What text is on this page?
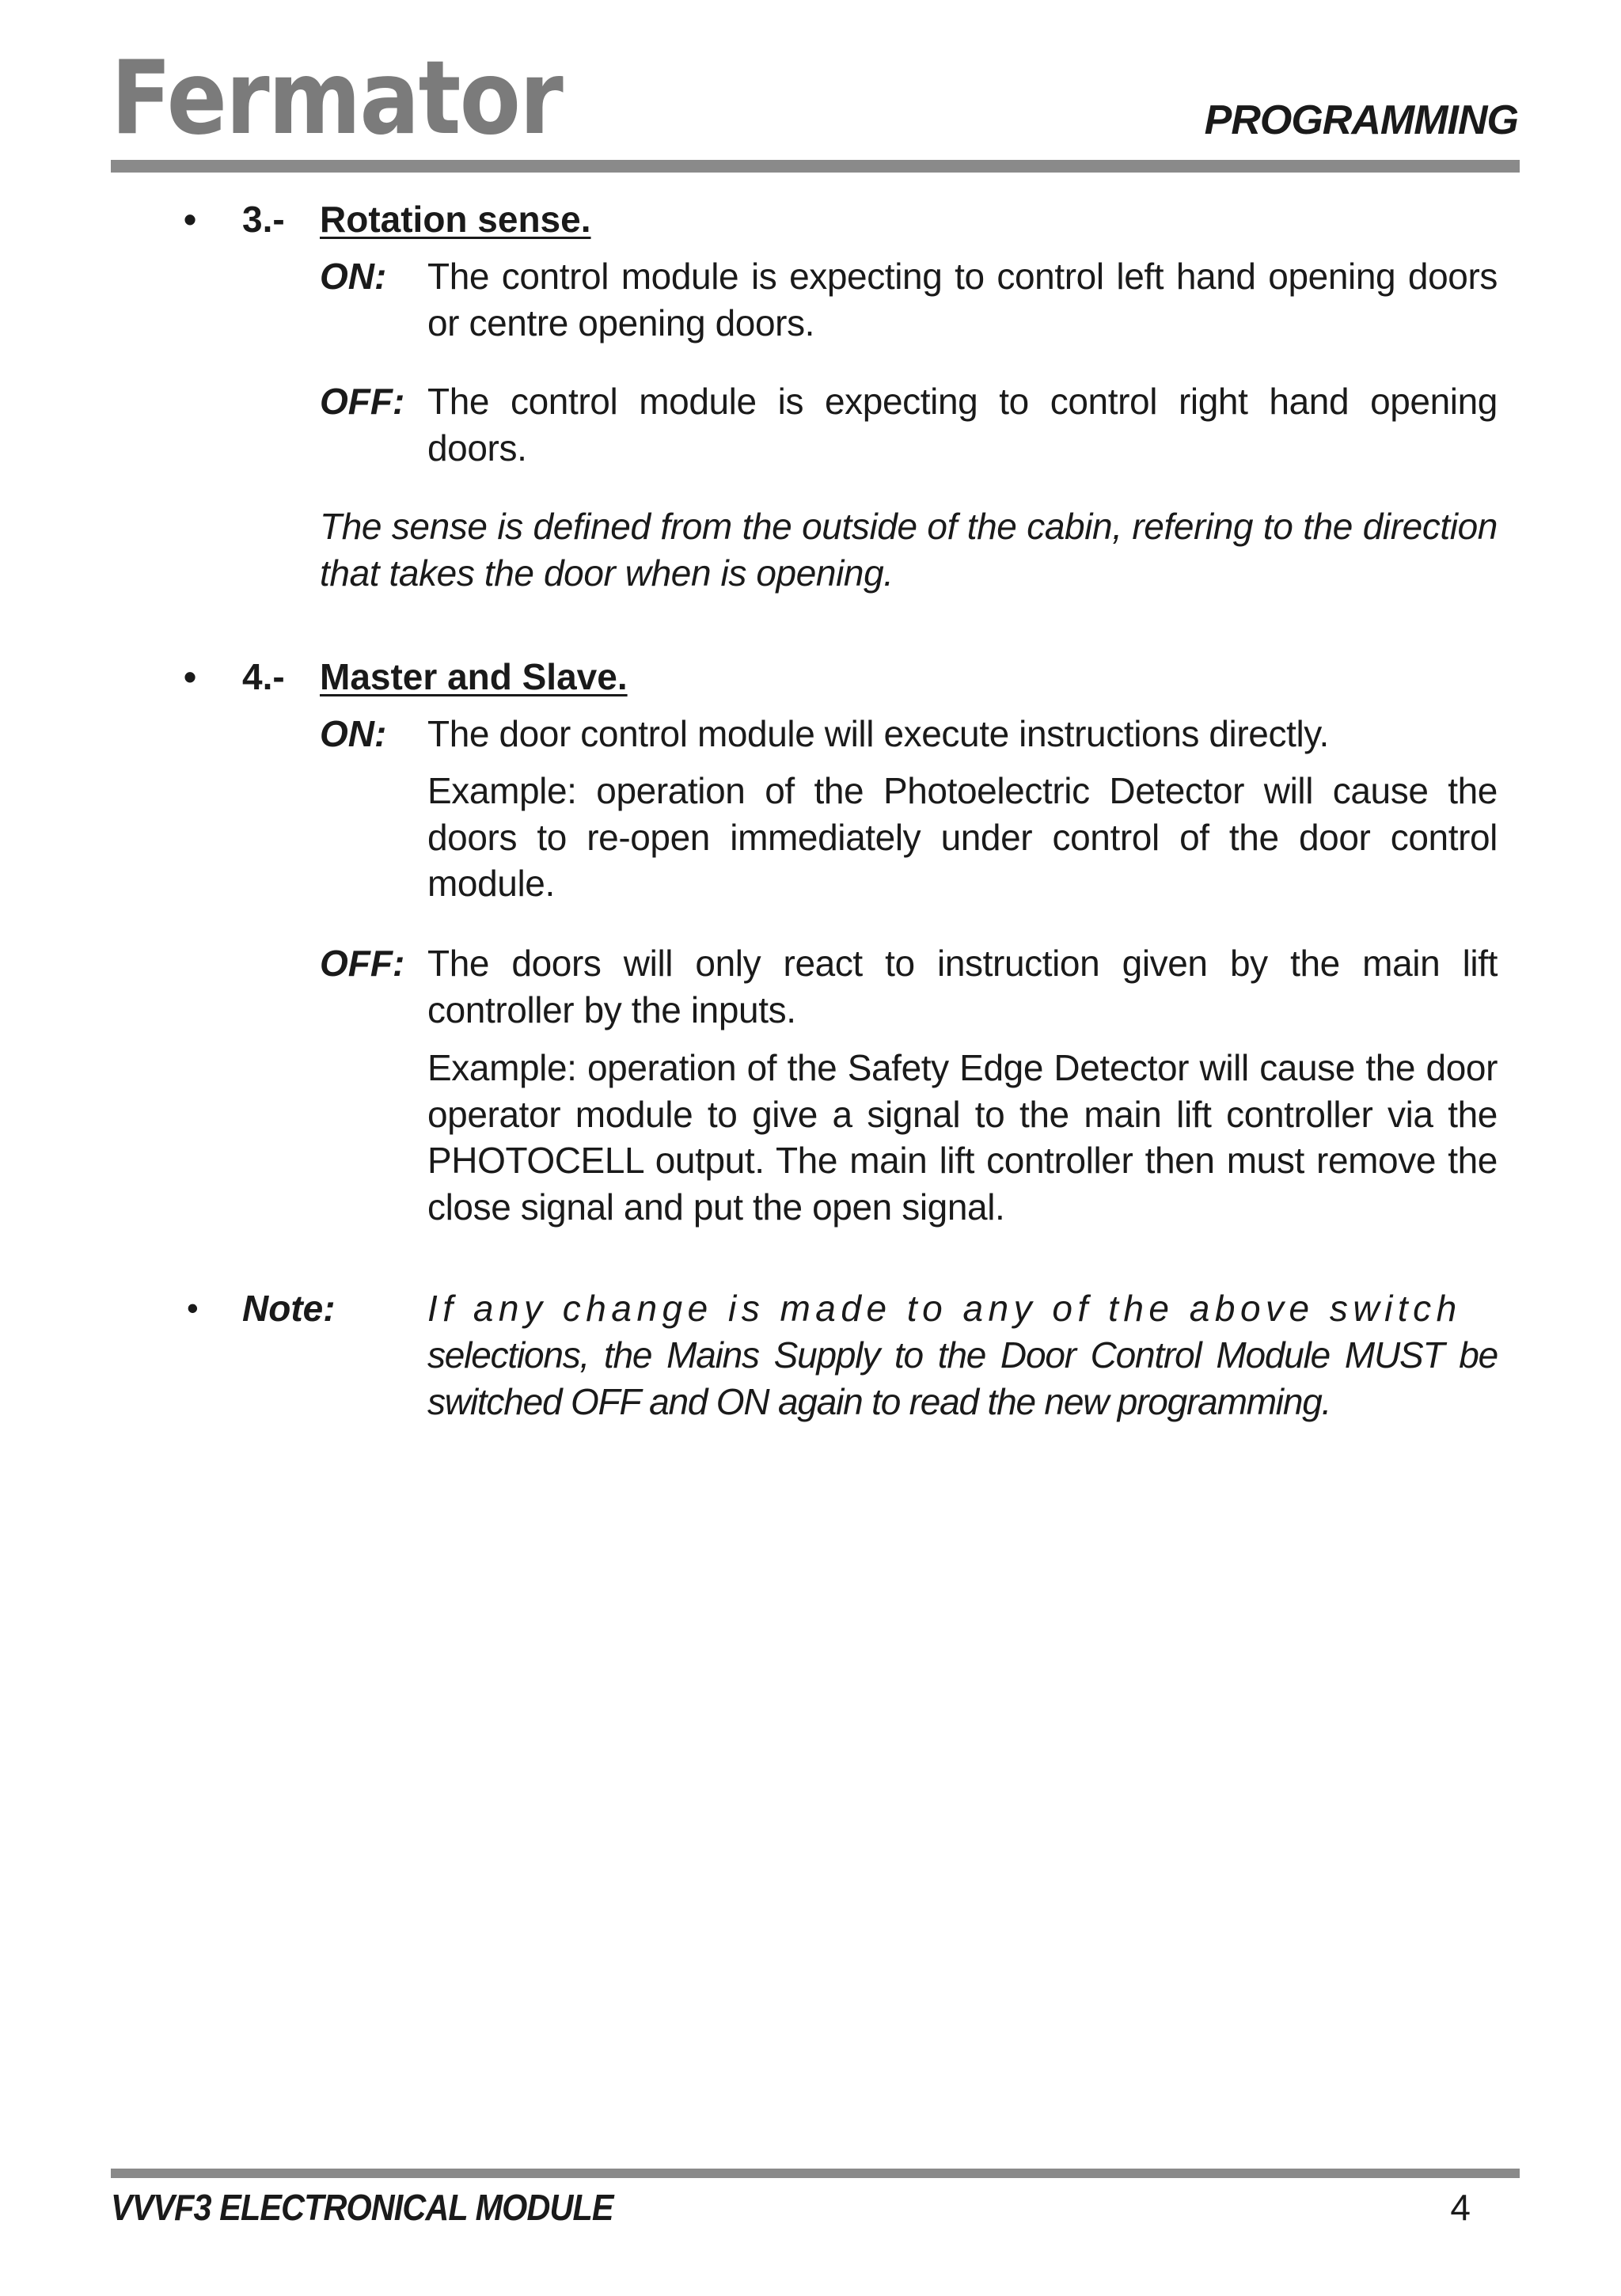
Fermator	PROGRAMMING
• 3.- Rotation sense.
ON: The control module is expecting to control left hand opening doors or centre opening doors.
OFF: The control module is expecting to control right hand opening doors.
The sense is defined from the outside of the cabin, refering to the direction that takes the door when is opening.
• 4.- Master and Slave.
ON: The door control module will execute instructions directly.
Example: operation of the Photoelectric Detector will cause the doors to re-open immediately under control of the door control module.
OFF: The doors will only react to instruction given by the main lift controller by the inputs.
Example: operation of the Safety Edge Detector will cause the door operator module to give a signal to the main lift controller via the PHOTOCELL output. The main lift controller then must remove the close signal and put the open signal.
• Note:	If any change is made to any of the above switch
selections, the Mains Supply to the Door Control Module MUST be switched OFF and ON again to read the new programming.
VVVF3 ELECTRONICAL MODULE	4
